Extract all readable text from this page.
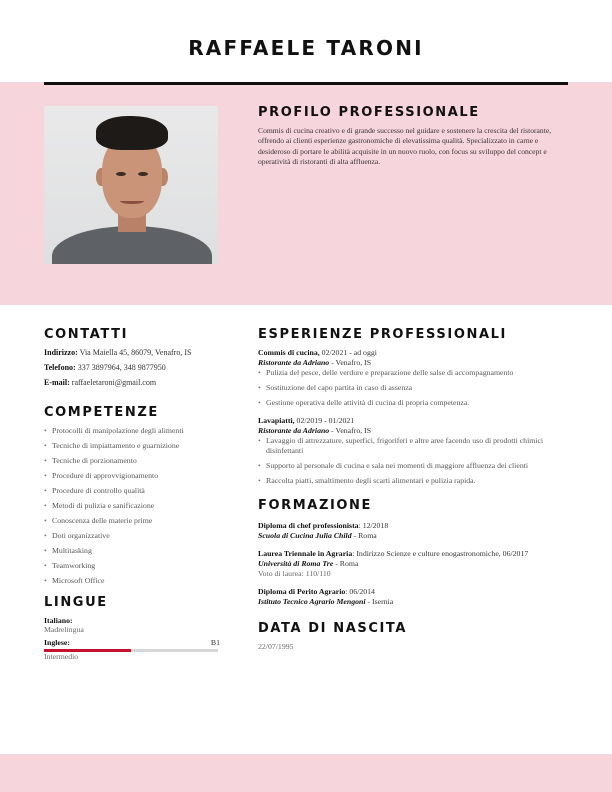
RAFFAELE TARONI
PROFILO PROFESSIONALE
Commis di cucina creativo e di grande successo nel guidare e sostenere la crescita del ristorante, offrendo ai clienti esperienze gastronomiche di elevatissima qualità. Specializzato in carne e desideroso di portare le abilità acquisite in un nuovo ruolo, con focus su sviluppo del concept e operatività di ristoranti di alta affluenza.
CONTATTI
Indirizzo: Via Maiella 45, 86079, Venafro, IS
Telefono: 337 3897964, 348 9877950
E-mail: raffaeletaroni@gmail.com
COMPETENZE
• Protocolli di manipolazione degli alimenti
• Tecniche di impiattamento e guarnizione
• Tecniche di porzionamento
• Procedure di approvvigionamento
• Procedure di controllo qualità
• Metodi di pulizia e sanificazione
• Conoscenza delle materie prime
• Doti organizzative
• Multitasking
• Teamworking
• Microsoft Office
LINGUE
Italiano:
Madrelingua
Inglese:	B1
Intermedio
ESPERIENZE PROFESSIONALI
Commis di cucina, 02/2021 - ad oggi
Ristorante da Adriano - Venafro, IS
• Pulizia del pesce, delle verdure e preparazione delle salse di accompagnamento
• Sostituzione del capo partita in caso di assenza
• Gestione operativa delle attività di cucina di propria competenza.
Lavapiatti, 02/2019 - 01/2021
Ristorante da Adriano - Venafro, IS
• Lavaggio di attrezzature, superfici, frigoriferi e altre aree facendo uso di prodotti chimici disinfettanti
• Supporto al personale di cucina e sala nei momenti di maggiore affluenza dei clienti
• Raccolta piatti, smaltimento degli scarti alimentari e pulizia rapida.
FORMAZIONE
Diploma di chef professionista: 12/2018
Scuola di Cucina Julia Child - Roma
Laurea Triennale in Agraria: Indirizzo Scienze e culture enogastronomiche, 06/2017
Università di Roma Tre - Roma
Voto di laurea: 110/110
Diploma di Perito Agrario: 06/2014
Istituto Tecnico Agrario Mengoni - Isernia
DATA DI NASCITA
22/07/1995
